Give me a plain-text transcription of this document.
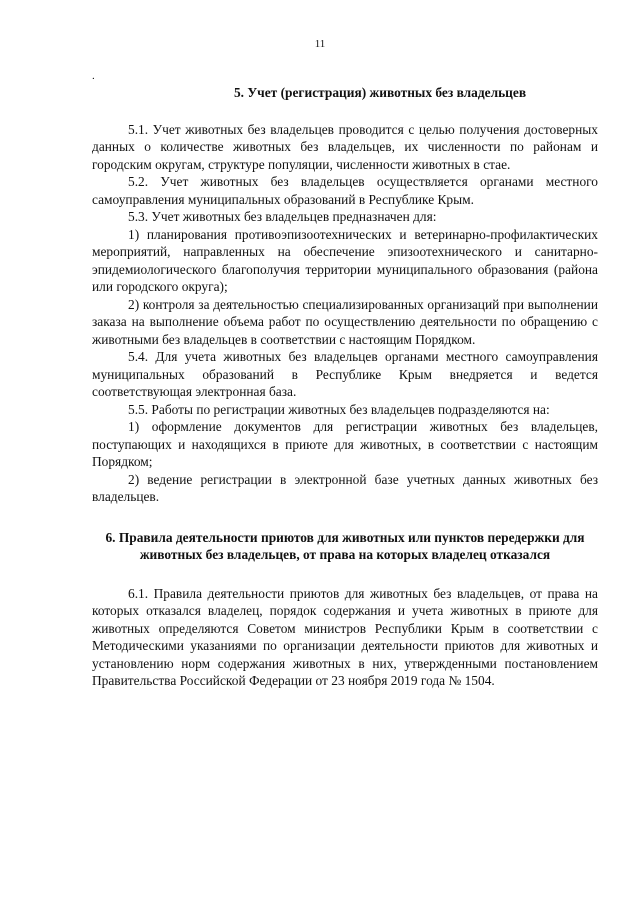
11
.
5. Учет (регистрация) животных без владельцев

5.1. Учет животных без владельцев проводится с целью получения достоверных данных о количестве животных без владельцев, их численности по районам и городским округам, структуре популяции, численности животных в стае.

5.2. Учет животных без владельцев осуществляется органами местного самоуправления муниципальных образований в Республике Крым.

5.3. Учет животных без владельцев предназначен для:

1) планирования противоэпизоотехнических и ветеринарно-профилактических мероприятий, направленных на обеспечение эпизоотехнического и санитарно-эпидемиологического благополучия территории муниципального образования (района или городского округа);

2) контроля за деятельностью специализированных организаций при выполнении заказа на выполнение объема работ по осуществлению деятельности по обращению с животными без владельцев в соответствии с настоящим Порядком.

5.4. Для учета животных без владельцев органами местного самоуправления муниципальных образований в Республике Крым внедряется и ведется соответствующая электронная база.

5.5. Работы по регистрации животных без владельцев подразделяются на:

1) оформление документов для регистрации животных без владельцев, поступающих и находящихся в приюте для животных, в соответствии с настоящим Порядком;

2) ведение регистрации в электронной базе учетных данных животных без владельцев.

6. Правила деятельности приютов для животных или пунктов передержки для животных без владельцев, от права на которых владелец отказался

6.1. Правила деятельности приютов для животных без владельцев, от права на которых отказался владелец, порядок содержания и учета животных в приюте для животных определяются Советом министров Республики Крым в соответствии с Методическими указаниями по организации деятельности приютов для животных и установлению норм содержания животных в них, утвержденными постановлением Правительства Российской Федерации от 23 ноября 2019 года № 1504.
